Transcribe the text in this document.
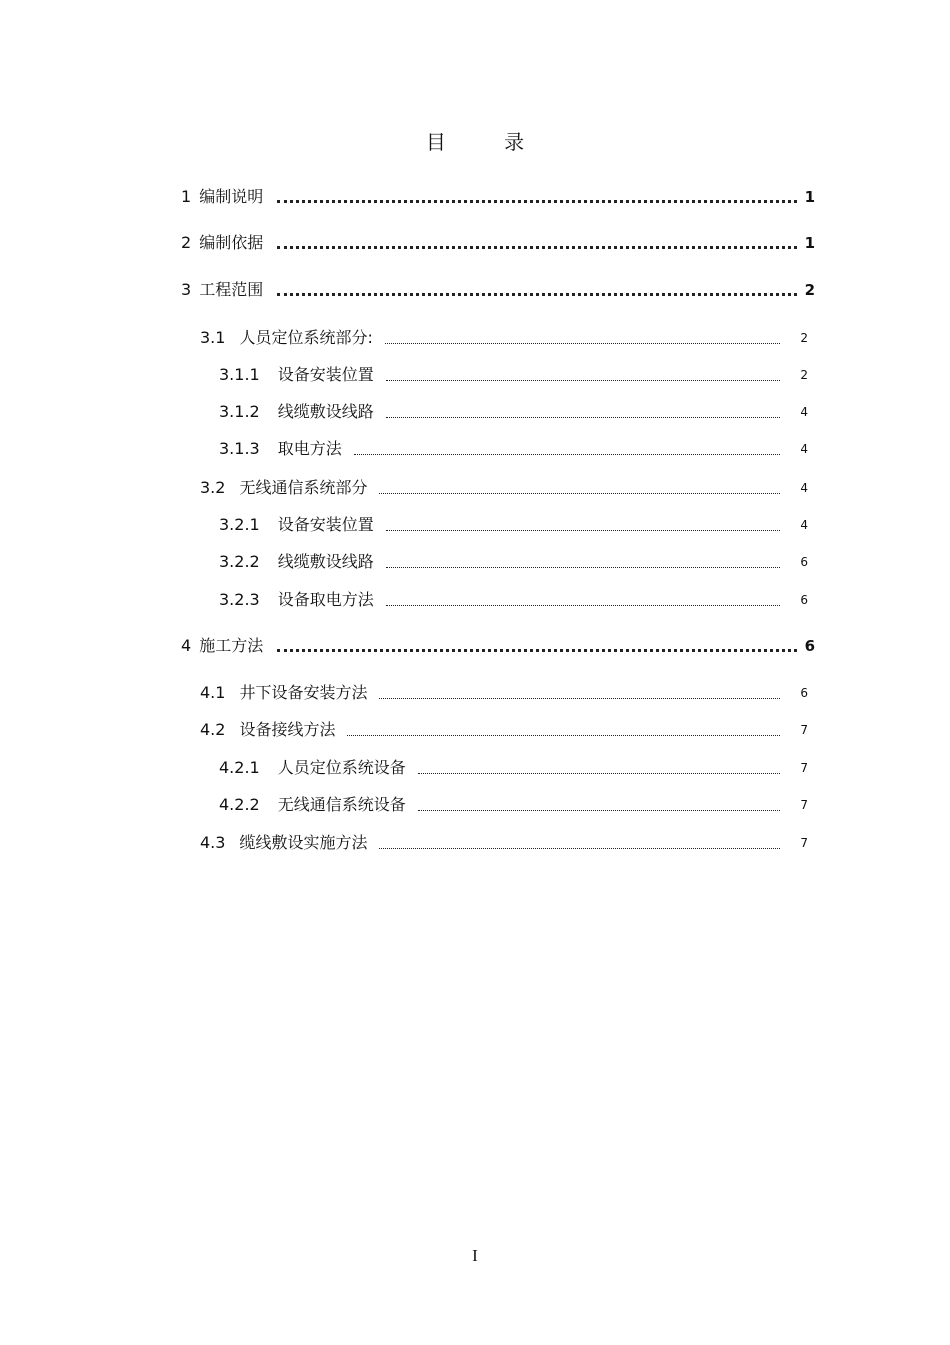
目 录
1 编制说明	1
2 编制依据	1
3 工程范围	2
3.1 人员定位系统部分:	2
3.1.1 设备安装位置	2
3.1.2 线缆敷设线路	4
3.1.3 取电方法	4
3.2 无线通信系统部分	4
3.2.1 设备安装位置	4
3.2.2 线缆敷设线路	6
3.2.3 设备取电方法	6
4 施工方法	6
4.1 井下设备安装方法	6
4.2 设备接线方法	7
4.2.1 人员定位系统设备	7
4.2.2 无线通信系统设备	7
4.3 缆线敷设实施方法	7
I
